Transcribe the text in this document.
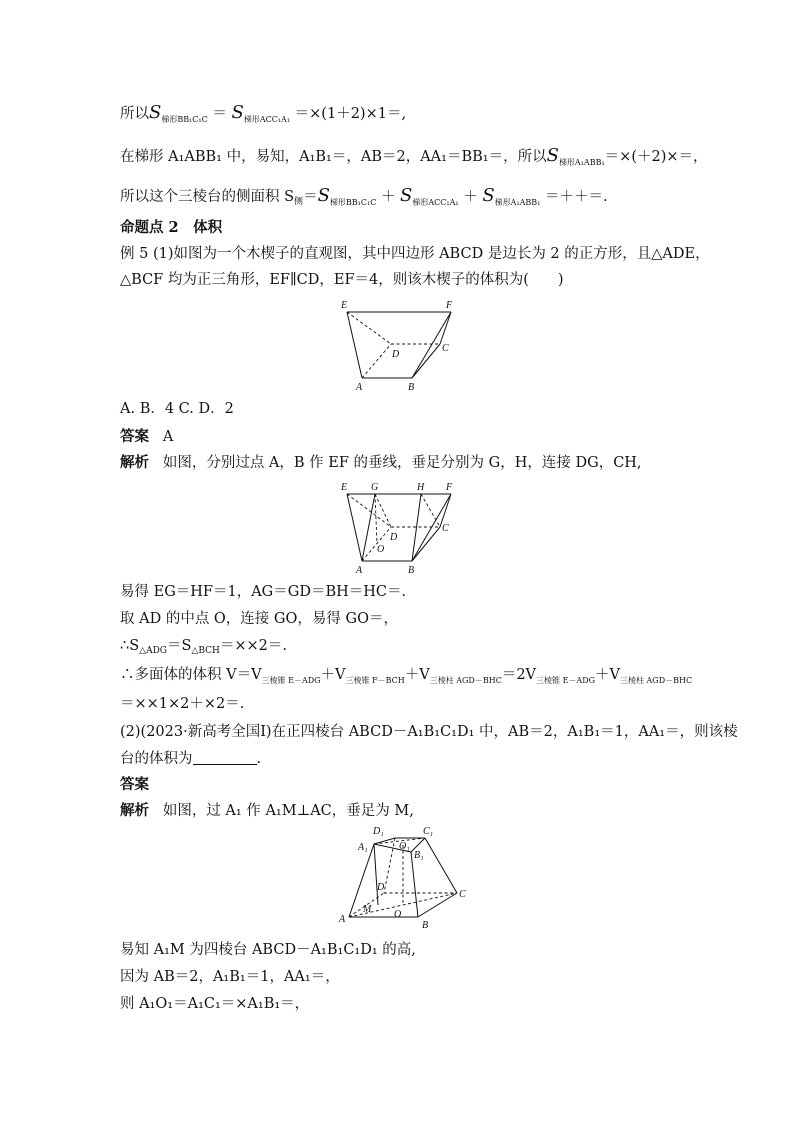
所以$S_{梯形BB_1C_1C} = S_{梯形ACC_1A_1} =\times(1+2)\times 1=$,
在梯形 A₁ABB₁ 中，易知，A₁B₁＝，AB＝2，AA₁＝BB₁＝，所以$S_{梯形A_1ABB_1}=\times(+2)\times=$，
所以这个三棱台的侧面积 $S_侧=S_{梯形BB_1C_1C} + S_{梯形ACC_1A_1} + S_{梯形A_1ABB_1}$ ＝＋＋＝.
命题点 2　体积
例 5 (1)如图为一个木楔子的直观图，其中四边形 ABCD 是边长为 2 的正方形，且△ADE，
△BCF 均为正三角形，EF∥CD，EF＝4，则该木楔子的体积为(　　)
E	F
D
C
A	B
A. B．4 C. D．2
答案 A
解析 如图，分别过点 A，B 作 EF 的垂线，垂足分别为 G，H，连接 DG，CH,
E G	H F
C
D
O
A	B
易得 EG＝HF＝1，AG＝GD＝BH＝HC＝.
取 AD 的中点 O，连接 GO，易得 GO＝，
$\therefore S_{\triangle ADG}=S_{\triangle BCH}=\times\times 2=$.
∴多面体的体积 $V=V_{三棱锥 E-ADG}+V_{三棱锥 F-BCH}+V_{三棱柱 AGD-BHC}=2V_{三棱锥 E-ADG}+V_{三棱柱 AGD-BHC}$
＝××1×2＋×2＝.
(2)(2023·新高考全国Ⅰ)在正四棱台 ABCD－A₁B₁C₁D₁ 中，AB＝2，A₁B₁＝1，AA₁＝，则该棱
台的体积为	.
答案
解析 如图，过 A₁ 作 A₁M⊥AC，垂足为 M,
D₁	C₁
A₁	O₁
B₁
D
C
M
A	O
B
易知 A₁M 为四棱台 ABCD－A₁B₁C₁D₁ 的高,
因为 AB＝2，A₁B₁＝1，AA₁＝，
则 A₁O₁＝A₁C₁＝×A₁B₁＝，
